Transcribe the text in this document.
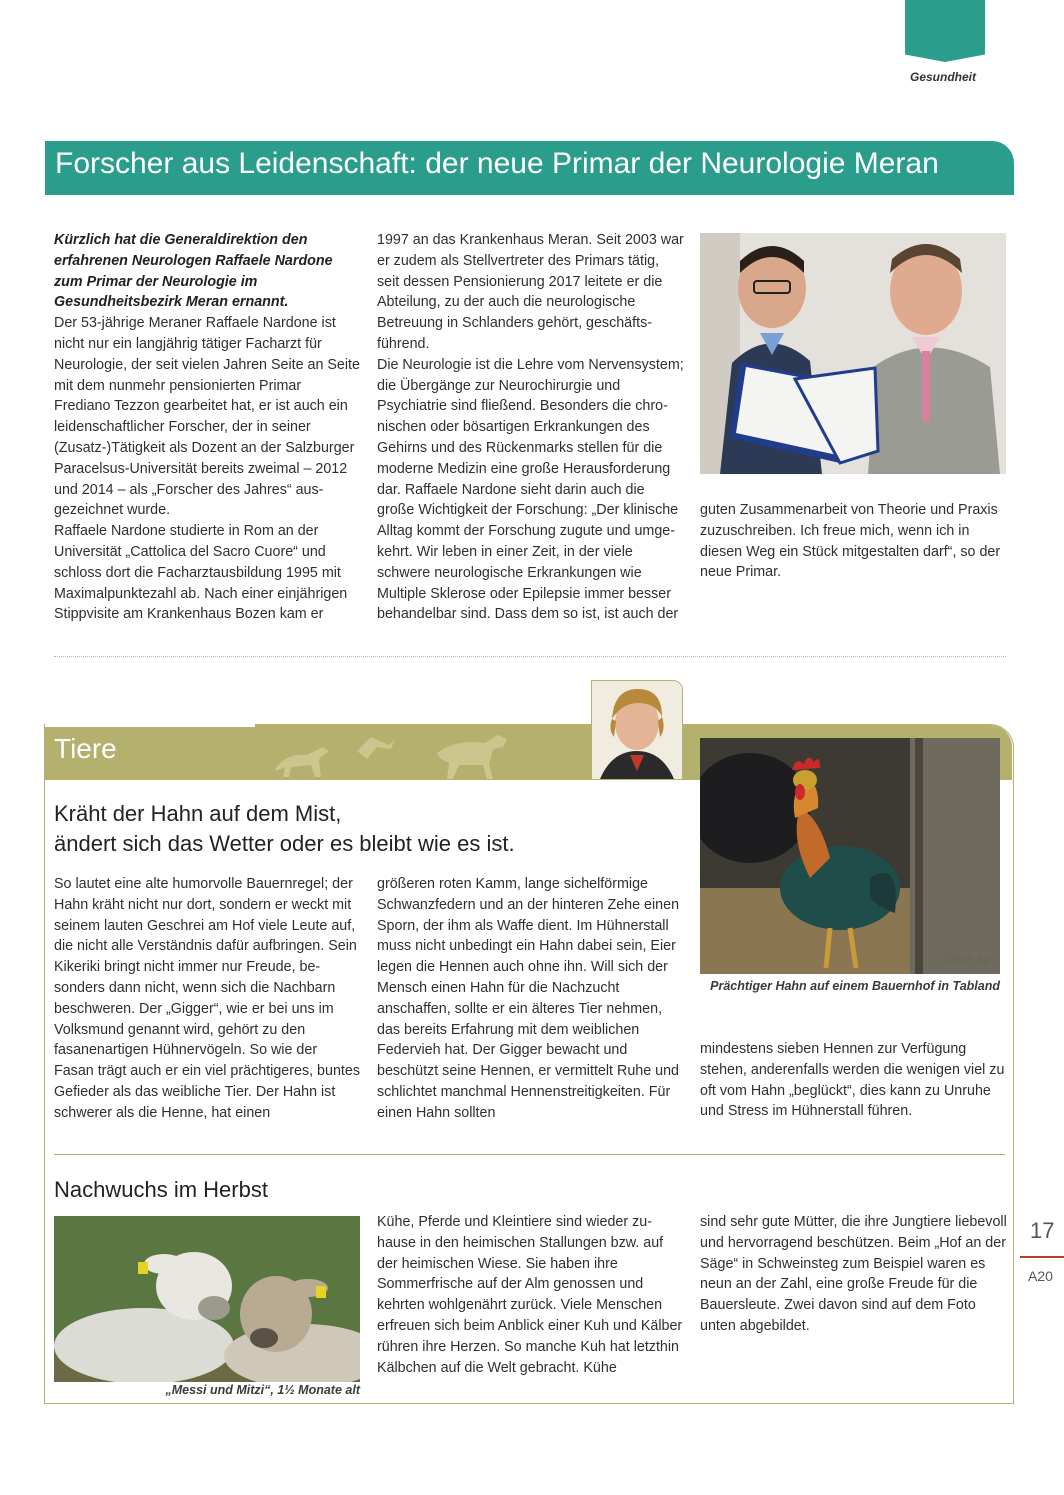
Gesundheit
Forscher aus Leidenschaft: der neue Primar der Neurologie Meran

Kürzlich hat die Generaldirektion den erfahrenen Neurologen Raffaele Nardone zum Primar der Neurologie im Gesundheitsbezirk Meran ernannt.

Der 53-jährige Meraner Raffaele Nardone ist nicht nur ein langjährig tätiger Facharzt für Neurologie, der seit vielen Jahren Seite an Seite mit dem nunmehr pensionierten Primar Frediano Tezzon gearbeitet hat, er ist auch ein leidenschaftlicher Forscher, der in seiner (Zusatz-)Tätigkeit als Dozent an der Salzburger Paracelsus-Universität bereits zweimal – 2012 und 2014 – als „Forscher des Jahres“ ausgezeichnet wurde.

Raffaele Nardone studierte in Rom an der Universität „Cattolica del Sacro Cuore“ und schloss dort die Facharztausbildung 1995 mit Maximalpunktezahl ab. Nach einer einjährigen Stippvisite am Krankenhaus Bozen kam er

1997 an das Krankenhaus Meran. Seit 2003 war er zudem als Stellvertreter des Primars tätig, seit dessen Pensionierung 2017 leitete er die Abteilung, zu der auch die neurologische Betreuung in Schlanders gehört, geschäftsführend.

Die Neurologie ist die Lehre vom Nervensystem; die Übergänge zur Neurochirurgie und Psychiatrie sind fließend. Besonders die chronischen oder bösartigen Erkrankungen des Gehirns und des Rückenmarks stellen für die moderne Medizin eine große Herausforderung dar. Raffaele Nardone sieht darin auch die große Wichtigkeit der Forschung: „Der klinische Alltag kommt der Forschung zugute und umgekehrt. Wir leben in einer Zeit, in der viele schwere neurologische Erkrankungen wie Multiple Sklerose oder Epilepsie immer besser behandelbar sind. Dass dem so ist, ist auch der

guten Zusammenarbeit von Theorie und Praxis zuzuschreiben. Ich freue mich, wenn ich in diesen Weg ein Stück mitgestalten darf“, so der neue Primar.

Tiere
Kräht der Hahn auf dem Mist,
ändert sich das Wetter oder es bleibt wie es ist.

So lautet eine alte humorvolle Bauernregel; der Hahn kräht nicht nur dort, sondern er weckt mit seinem lauten Geschrei am Hof viele Leute auf, die nicht alle Verständnis dafür aufbringen. Sein Kikeriki bringt nicht immer nur Freude, besonders dann nicht, wenn sich die Nachbarn beschweren. Der „Gigger“, wie er bei uns im Volksmund genannt wird, gehört zu den fasanenartigen Hühnervögeln. So wie der Fasan trägt auch er ein viel prächtigeres, buntes Gefieder als das weibliche Tier. Der Hahn ist schwerer als die Henne, hat einen

größeren roten Kamm, lange sichelförmige Schwanzfedern und an der hinteren Zehe einen Sporn, der ihm als Waffe dient. Im Hühnerstall muss nicht unbedingt ein Hahn dabei sein, Eier legen die Hennen auch ohne ihn. Will sich der Mensch einen Hahn für die Nachzucht anschaffen, sollte er ein älteres Tier nehmen, das bereits Erfahrung mit dem weiblichen Federvieh hat. Der Gigger bewacht und beschützt seine Hennen, er vermittelt Ruhe und schlichtet manchmal Hennenstreitigkeiten. Für einen Hahn sollten

fotos sp
Prächtiger Hahn auf einem Bauernhof in Tabland

mindestens sieben Hennen zur Verfügung stehen, anderenfalls werden die wenigen viel zu oft vom Hahn „beglückt“, dies kann zu Unruhe und Stress im Hühnerstall führen.

Nachwuchs im Herbst
„Messi und Mitzi“, 1½ Monate alt

Kühe, Pferde und Kleintiere sind wieder zuhause in den heimischen Stallungen bzw. auf der heimischen Wiese. Sie haben ihre Sommerfrische auf der Alm genossen und kehrten wohlgenährt zurück. Viele Menschen erfreuen sich beim Anblick einer Kuh und Kälber rühren ihre Herzen. So manche Kuh hat letzthin Kälbchen auf die Welt gebracht. Kühe

sind sehr gute Mütter, die ihre Jungtiere liebevoll und hervorragend beschützen. Beim „Hof an der Säge“ in Schweinsteg zum Beispiel waren es neun an der Zahl, eine große Freude für die Bauersleute. Zwei davon sind auf dem Foto unten abgebildet.

17
A20
